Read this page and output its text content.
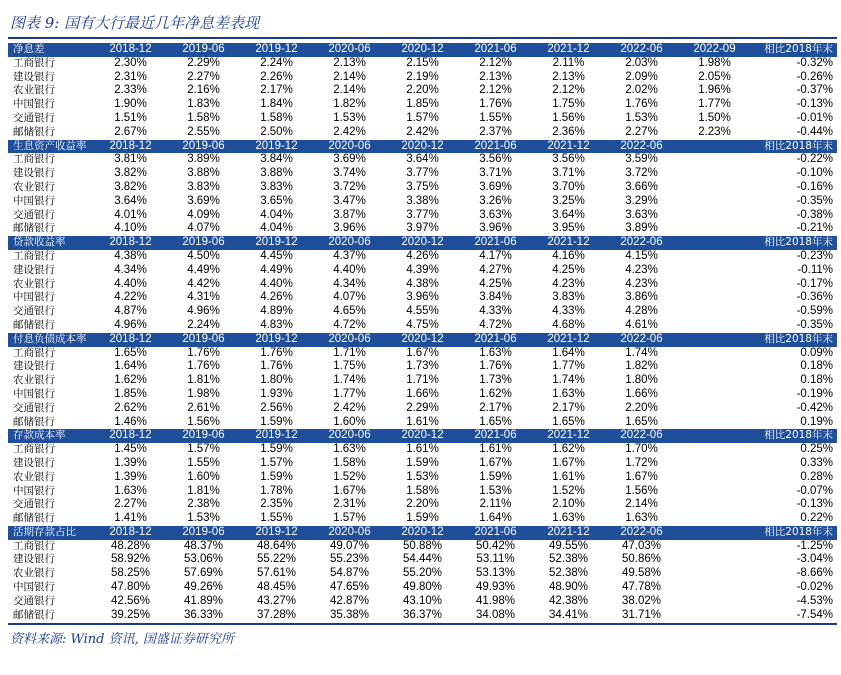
图表 9: 国有大行最近几年净息差表现
净息差	2018-12	2019-06	2019-12	2020-06	2020-12	2021-06	2021-12	2022-06	2022-09	相比2018年末
工商银行	2.30%	2.29%	2.24%	2.13%	2.15%	2.12%	2.11%	2.03%	1.98%	-0.32%
建设银行	2.31%	2.27%	2.26%	2.14%	2.19%	2.13%	2.13%	2.09%	2.05%	-0.26%
农业银行	2.33%	2.16%	2.17%	2.14%	2.20%	2.12%	2.12%	2.02%	1.96%	-0.37%
中国银行	1.90%	1.83%	1.84%	1.82%	1.85%	1.76%	1.75%	1.76%	1.77%	-0.13%
交通银行	1.51%	1.58%	1.58%	1.53%	1.57%	1.55%	1.56%	1.53%	1.50%	-0.01%
邮储银行	2.67%	2.55%	2.50%	2.42%	2.42%	2.37%	2.36%	2.27%	2.23%	-0.44%
生息资产收益率	2018-12	2019-06	2019-12	2020-06	2020-12	2021-06	2021-12	2022-06		相比2018年末
工商银行	3.81%	3.89%	3.84%	3.69%	3.64%	3.56%	3.56%	3.59%		-0.22%
建设银行	3.82%	3.88%	3.88%	3.74%	3.77%	3.71%	3.71%	3.72%		-0.10%
农业银行	3.82%	3.83%	3.83%	3.72%	3.75%	3.69%	3.70%	3.66%		-0.16%
中国银行	3.64%	3.69%	3.65%	3.47%	3.38%	3.26%	3.25%	3.29%		-0.35%
交通银行	4.01%	4.09%	4.04%	3.87%	3.77%	3.63%	3.64%	3.63%		-0.38%
邮储银行	4.10%	4.07%	4.04%	3.96%	3.97%	3.96%	3.95%	3.89%		-0.21%
贷款收益率	2018-12	2019-06	2019-12	2020-06	2020-12	2021-06	2021-12	2022-06		相比2018年末
工商银行	4.38%	4.50%	4.45%	4.37%	4.26%	4.17%	4.16%	4.15%		-0.23%
建设银行	4.34%	4.49%	4.49%	4.40%	4.39%	4.27%	4.25%	4.23%		-0.11%
农业银行	4.40%	4.42%	4.40%	4.34%	4.38%	4.25%	4.23%	4.23%		-0.17%
中国银行	4.22%	4.31%	4.26%	4.07%	3.96%	3.84%	3.83%	3.86%		-0.36%
交通银行	4.87%	4.96%	4.89%	4.65%	4.55%	4.33%	4.33%	4.28%		-0.59%
邮储银行	4.96%	2.24%	4.83%	4.72%	4.75%	4.72%	4.68%	4.61%		-0.35%
付息负债成本率	2018-12	2019-06	2019-12	2020-06	2020-12	2021-06	2021-12	2022-06		相比2018年末
工商银行	1.65%	1.76%	1.76%	1.71%	1.67%	1.63%	1.64%	1.74%		0.09%
建设银行	1.64%	1.76%	1.76%	1.75%	1.73%	1.76%	1.77%	1.82%		0.18%
农业银行	1.62%	1.81%	1.80%	1.74%	1.71%	1.73%	1.74%	1.80%		0.18%
中国银行	1.85%	1.98%	1.93%	1.77%	1.66%	1.62%	1.63%	1.66%		-0.19%
交通银行	2.62%	2.61%	2.56%	2.42%	2.29%	2.17%	2.17%	2.20%		-0.42%
邮储银行	1.46%	1.56%	1.59%	1.60%	1.61%	1.65%	1.65%	1.65%		0.19%
存款成本率	2018-12	2019-06	2019-12	2020-06	2020-12	2021-06	2021-12	2022-06		相比2018年末
工商银行	1.45%	1.57%	1.59%	1.63%	1.61%	1.61%	1.62%	1.70%		0.25%
建设银行	1.39%	1.55%	1.57%	1.58%	1.59%	1.67%	1.67%	1.72%		0.33%
农业银行	1.39%	1.60%	1.59%	1.52%	1.53%	1.59%	1.61%	1.67%		0.28%
中国银行	1.63%	1.81%	1.78%	1.67%	1.58%	1.53%	1.52%	1.56%		-0.07%
交通银行	2.27%	2.38%	2.35%	2.31%	2.20%	2.11%	2.10%	2.14%		-0.13%
邮储银行	1.41%	1.53%	1.55%	1.57%	1.59%	1.64%	1.63%	1.63%		0.22%
活期存款占比	2018-12	2019-06	2019-12	2020-06	2020-12	2021-06	2021-12	2022-06		相比2018年末
工商银行	48.28%	48.37%	48.64%	49.07%	50.88%	50.42%	49.55%	47.03%		-1.25%
建设银行	58.92%	53.06%	55.22%	55.23%	54.44%	53.11%	52.38%	50.86%		-3.04%
农业银行	58.25%	57.69%	57.61%	54.87%	55.20%	53.13%	52.38%	49.58%		-8.66%
中国银行	47.80%	49.26%	48.45%	47.65%	49.80%	49.93%	48.90%	47.78%		-0.02%
交通银行	42.56%	41.89%	43.27%	42.87%	43.10%	41.98%	42.38%	38.02%		-4.53%
邮储银行	39.25%	36.33%	37.28%	35.38%	36.37%	34.08%	34.41%	31.71%		-7.54%
资料来源: Wind 资讯, 国盛证券研究所
